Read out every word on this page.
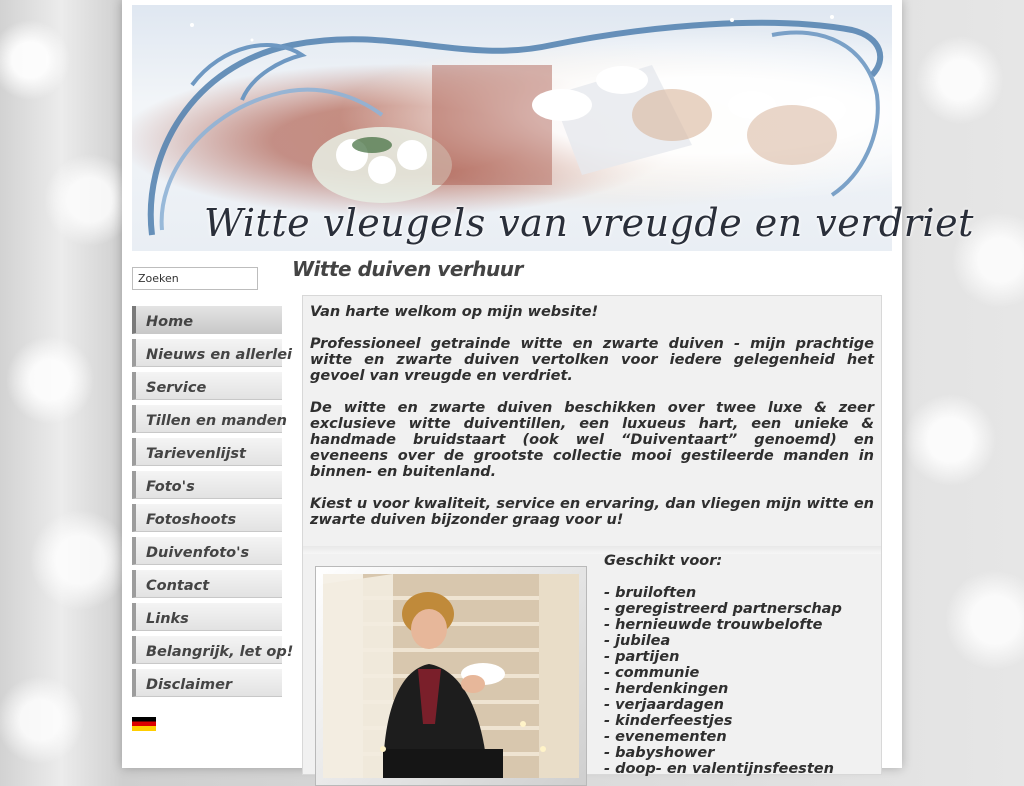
Witte vleugels van vreugde en verdriet
Zoeken
Home
Nieuws en allerlei
Service
Tillen en manden
Tarievenlijst
Foto's
Fotoshoots
Duivenfoto's
Contact
Links
Belangrijk, let op!
Disclaimer
Witte duiven verhuur

Van harte welkom op mijn website!

Professioneel getrainde witte en zwarte duiven - mijn prachtige witte en zwarte duiven vertolken voor iedere gelegenheid het gevoel van vreugde en verdriet.

De witte en zwarte duiven beschikken over twee luxe & zeer exclusieve witte duiventillen, een luxueus hart, een unieke & handmade bruidstaart (ook wel “Duiventaart” genoemd) en eveneens over de grootste collectie mooi gestileerde manden in binnen- en buitenland.

Kiest u voor kwaliteit, service en ervaring, dan vliegen mijn witte en zwarte duiven bijzonder graag voor u!

Geschikt voor:
- bruiloften
- geregistreerd partnerschap
- hernieuwde trouwbelofte
- jubilea
- partijen
- communie
- herdenkingen
- verjaardagen
- kinderfeestjes
- evenementen
- babyshower
- doop- en valentijnsfeesten
